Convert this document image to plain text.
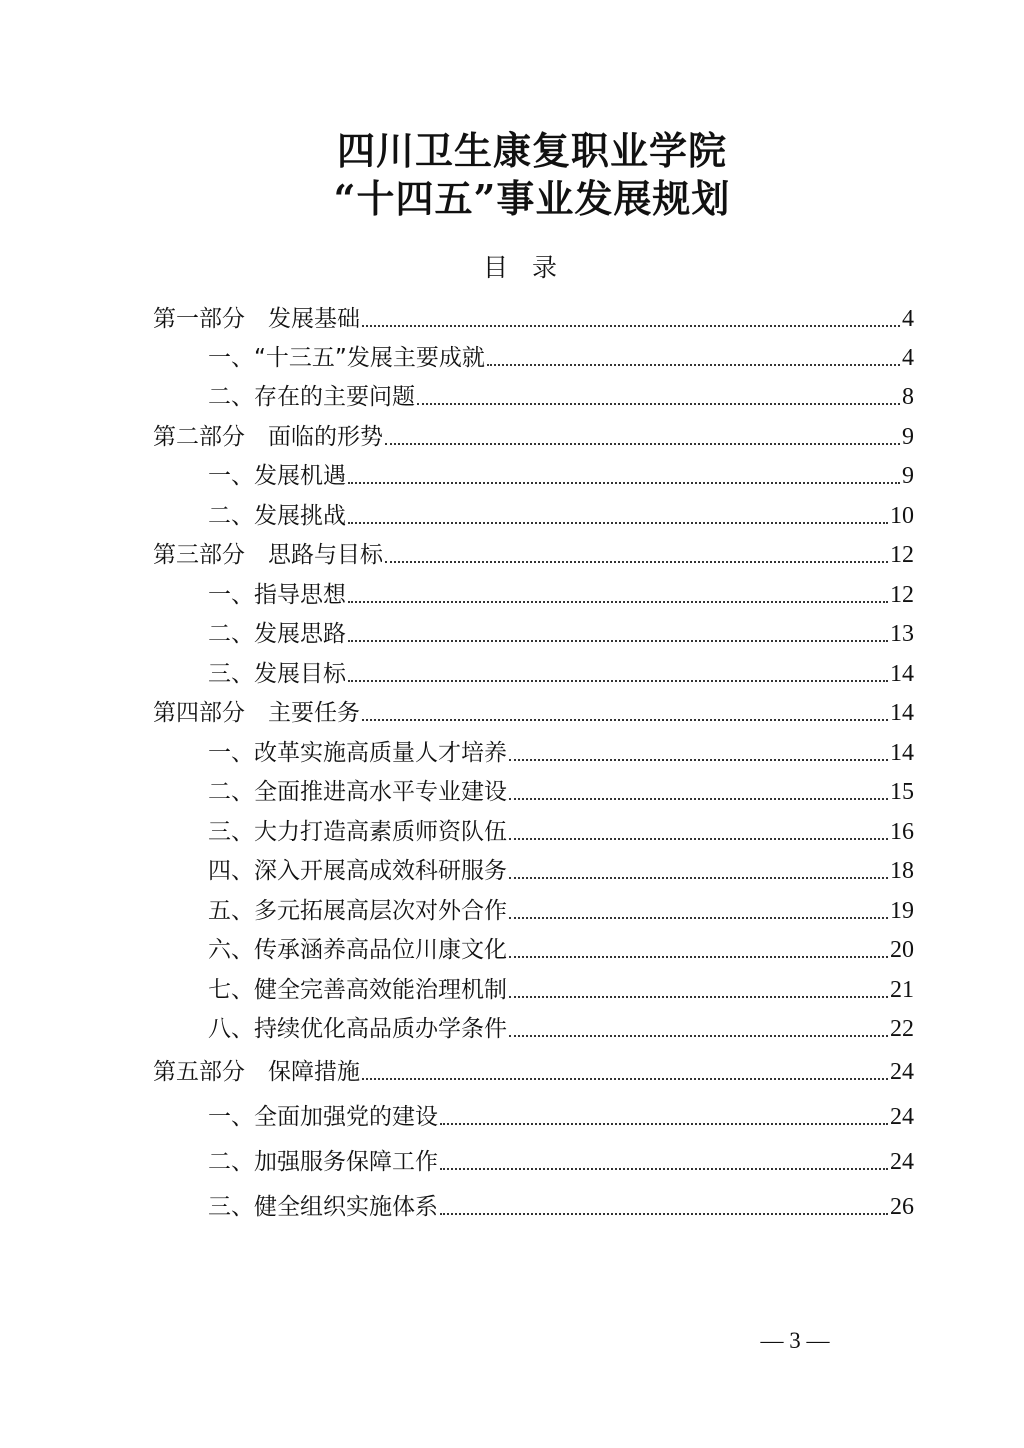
四川卫生康复职业学院
“十四五”事业发展规划
目录
第一部分　发展基础	4
一、“十三五”发展主要成就	4
二、存在的主要问题	8
第二部分　面临的形势	9
一、发展机遇	9
二、发展挑战	10
第三部分　思路与目标	12
一、指导思想	12
二、发展思路	13
三、发展目标	14
第四部分　主要任务	14
一、改革实施高质量人才培养	14
二、全面推进高水平专业建设	15
三、大力打造高素质师资队伍	16
四、深入开展高成效科研服务	18
五、多元拓展高层次对外合作	19
六、传承涵养高品位川康文化	20
七、健全完善高效能治理机制	21
八、持续优化高品质办学条件	22
第五部分　保障措施	24
一、全面加强党的建设	24
二、加强服务保障工作	24
三、健全组织实施体系	26
— 3 —
